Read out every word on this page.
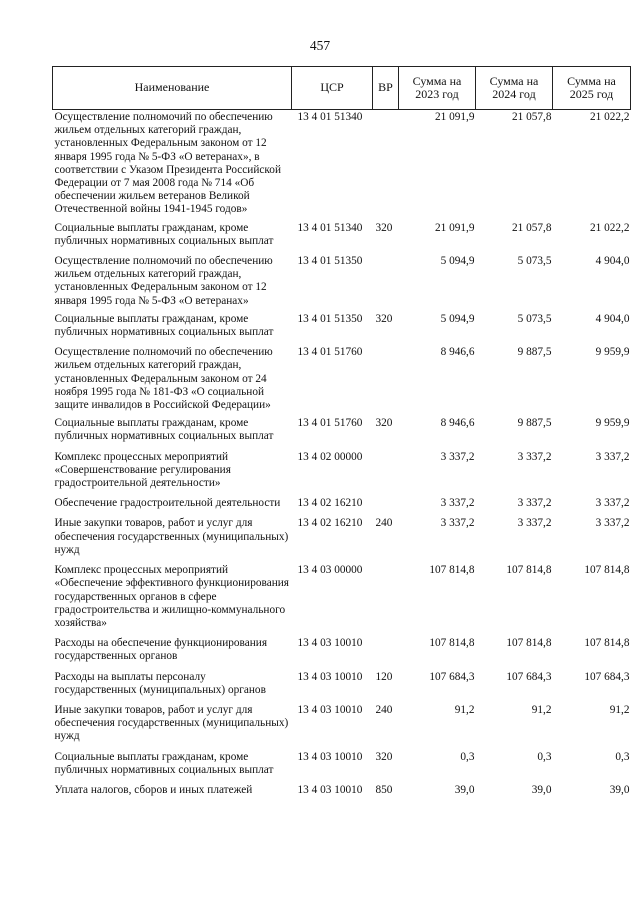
457
Наименование	ЦСР	ВР	Сумма на 2023 год	Сумма на 2024 год	Сумма на 2025 год
Осуществление полномочий по обеспечению жильем отдельных категорий граждан, установленных Федеральным законом от 12 января 1995 года № 5-ФЗ «О ветеранах», в соответствии с Указом Президента Российской Федерации от 7 мая 2008 года № 714 «Об обеспечении жильем ветеранов Великой Отечественной войны 1941-1945 годов»	13 4 01 51340		21 091,9	21 057,8	21 022,2
Социальные выплаты гражданам, кроме публичных нормативных социальных выплат	13 4 01 51340	320	21 091,9	21 057,8	21 022,2
Осуществление полномочий по обеспечению жильем отдельных категорий граждан, установленных Федеральным законом от 12 января 1995 года № 5-ФЗ «О ветеранах»	13 4 01 51350		5 094,9	5 073,5	4 904,0
Социальные выплаты гражданам, кроме публичных нормативных социальных выплат	13 4 01 51350	320	5 094,9	5 073,5	4 904,0
Осуществление полномочий по обеспечению жильем отдельных категорий граждан, установленных Федеральным законом от 24 ноября 1995 года № 181-ФЗ «О социальной защите инвалидов в Российской Федерации»	13 4 01 51760		8 946,6	9 887,5	9 959,9
Социальные выплаты гражданам, кроме публичных нормативных социальных выплат	13 4 01 51760	320	8 946,6	9 887,5	9 959,9
Комплекс процессных мероприятий «Совершенствование регулирования градостроительной деятельности»	13 4 02 00000		3 337,2	3 337,2	3 337,2
Обеспечение градостроительной деятельности	13 4 02 16210		3 337,2	3 337,2	3 337,2
Иные закупки товаров, работ и услуг для обеспечения государственных (муниципальных) нужд	13 4 02 16210	240	3 337,2	3 337,2	3 337,2
Комплекс процессных мероприятий «Обеспечение эффективного функционирования государственных органов в сфере градостроительства и жилищно-коммунального хозяйства»	13 4 03 00000		107 814,8	107 814,8	107 814,8
Расходы на обеспечение функционирования государственных органов	13 4 03 10010		107 814,8	107 814,8	107 814,8
Расходы на выплаты персоналу государственных (муниципальных) органов	13 4 03 10010	120	107 684,3	107 684,3	107 684,3
Иные закупки товаров, работ и услуг для обеспечения государственных (муниципальных) нужд	13 4 03 10010	240	91,2	91,2	91,2
Социальные выплаты гражданам, кроме публичных нормативных социальных выплат	13 4 03 10010	320	0,3	0,3	0,3
Уплата налогов, сборов и иных платежей	13 4 03 10010	850	39,0	39,0	39,0
